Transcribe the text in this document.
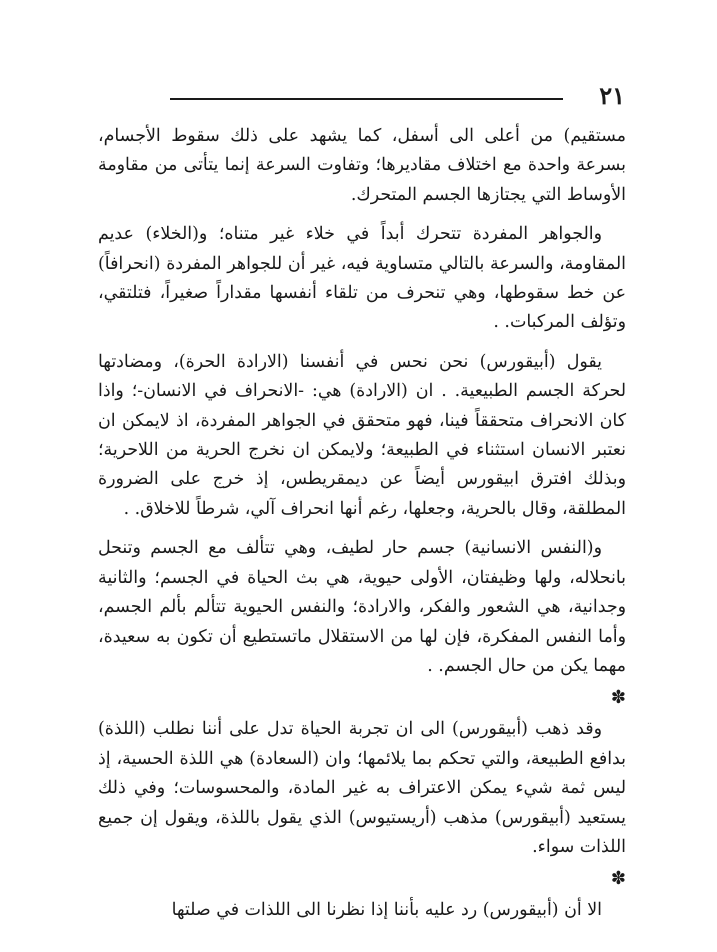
٢١

مستقيم) من أعلى الى أسفل، كما يشهد على ذلك سقوط الأجسام، بسرعة واحدة مع اختلاف مقاديرها؛ وتفاوت السرعة إنما يتأتى من مقاومة الأوساط التي يجتازها الجسم المتحرك.

والجواهر المفردة تتحرك أبداً في خلاء غير متناه؛ و(الخلاء) عديم المقاومة، والسرعة بالتالي متساوية فيه، غير أن للجواهر المفردة (انحرافاً) عن خط سقوطها، وهي تنحرف من تلقاء أنفسها مقداراً صغيراً، فتلتقي، وتؤلف المركبات. .

يقول (أبيقورس) نحن نحس في أنفسنا (الارادة الحرة)، ومضادتها لحركة الجسم الطبيعية. . ان (الارادة) هي: -الانحراف في الانسان-؛ واذا كان الانحراف متحققاً فينا، فهو متحقق في الجواهر المفردة، اذ لايمكن ان نعتبر الانسان استثناء في الطبيعة؛ ولايمكن ان نخرج الحرية من اللاحرية؛ وبذلك افترق ابيقورس أيضاً عن ديمقريطس، إذ خرج على الضرورة المطلقة، وقال بالحرية، وجعلها، رغم أنها انحراف آلي، شرطاً للاخلاق. .

و(النفس الانسانية) جسم حار لطيف، وهي تتألف مع الجسم وتنحل بانحلاله، ولها وظيفتان، الأولى حيوية، هي بث الحياة في الجسم؛ والثانية وجدانية، هي الشعور والفكر، والارادة؛ والنفس الحيوية تتألم بألم الجسم، وأما النفس المفكرة، فإن لها من الاستقلال ماتستطيع أن تكون به سعيدة، مهما يكن من حال الجسم. .

✽

وقد ذهب (أبيقورس) الى ان تجربة الحياة تدل على أننا نطلب (اللذة) بدافع الطبيعة، والتي تحكم بما يلائمها؛ وان (السعادة) هي اللذة الحسية، إذ ليس ثمة شيء يمكن الاعتراف به غير المادة، والمحسوسات؛ وفي ذلك يستعيد (أبيقورس) مذهب (أريستيوس) الذي يقول باللذة، ويقول إن جميع اللذات سواء.

✽

الا أن (أبيقورس) رد عليه بأننا إذا نظرنا الى اللذات في صلتها
